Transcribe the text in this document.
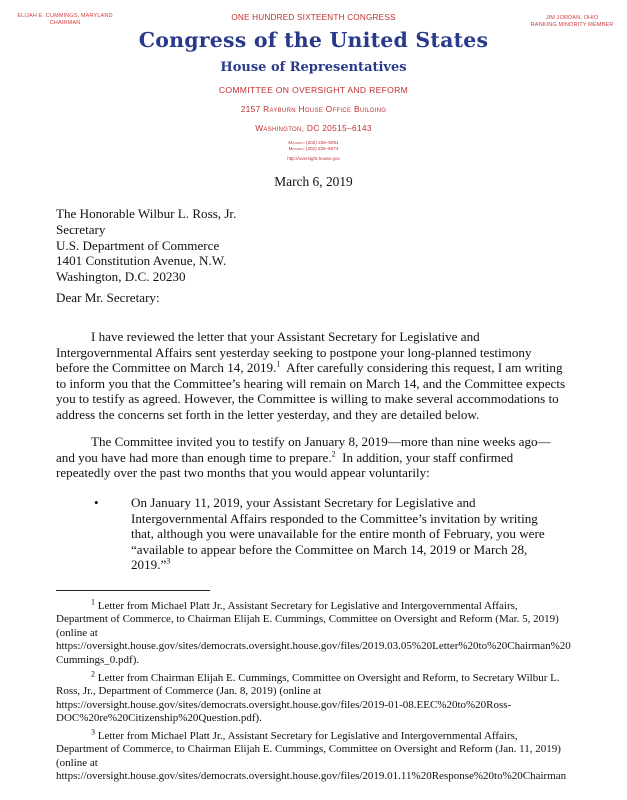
ELIJAH E. CUMMINGS, MARYLAND
CHAIRMAN
ONE HUNDRED SIXTEENTH CONGRESS	JIM JORDAN, OHIO
RANKING MINORITY MEMBER
Congress of the United States
House of Representatives
COMMITTEE ON OVERSIGHT AND REFORM
2157 Rayburn House Office Building
Washington, DC 20515–6143
Majority (202) 225–5051
Minority (202) 225–5074
http://oversight.house.gov
March 6, 2019
The Honorable Wilbur L. Ross, Jr.
Secretary
U.S. Department of Commerce
1401 Constitution Avenue, N.W.
Washington, D.C. 20230
Dear Mr. Secretary:
I have reviewed the letter that your Assistant Secretary for Legislative and
Intergovernmental Affairs sent yesterday seeking to postpone your long-planned testimony
before the Committee on March 14, 2019.$^1$  After carefully considering this request, I am writing
to inform you that the Committee’s hearing will remain on March 14, and the Committee expects
you to testify as agreed. However, the Committee is willing to make several accommodations to
address the concerns set forth in the letter yesterday, and they are detailed below.
The Committee invited you to testify on January 8, 2019—more than nine weeks ago—
and you have had more than enough time to prepare.$^2$  In addition, your staff confirmed
repeatedly over the past two months that you would appear voluntarily:
• On January 11, 2019, your Assistant Secretary for Legislative and
Intergovernmental Affairs responded to the Committee’s invitation by writing
that, although you were unavailable for the entire month of February, you were
“available to appear before the Committee on March 14, 2019 or March 28,
2019.”$^3$
$^1$ Letter from Michael Platt Jr., Assistant Secretary for Legislative and Intergovernmental Affairs,
Department of Commerce, to Chairman Elijah E. Cummings, Committee on Oversight and Reform (Mar. 5, 2019)
(online at
https://oversight.house.gov/sites/democrats.oversight.house.gov/files/2019.03.05%20Letter%20to%20Chairman%20
Cummings_0.pdf).
$^2$ Letter from Chairman Elijah E. Cummings, Committee on Oversight and Reform, to Secretary Wilbur L.
Ross, Jr., Department of Commerce (Jan. 8, 2019) (online at
https://oversight.house.gov/sites/democrats.oversight.house.gov/files/2019-01-08.EEC%20to%20Ross-
DOC%20re%20Citizenship%20Question.pdf).
$^3$ Letter from Michael Platt Jr., Assistant Secretary for Legislative and Intergovernmental Affairs,
Department of Commerce, to Chairman Elijah E. Cummings, Committee on Oversight and Reform (Jan. 11, 2019)
(online at
https://oversight.house.gov/sites/democrats.oversight.house.gov/files/2019.01.11%20Response%20to%20Chairman
